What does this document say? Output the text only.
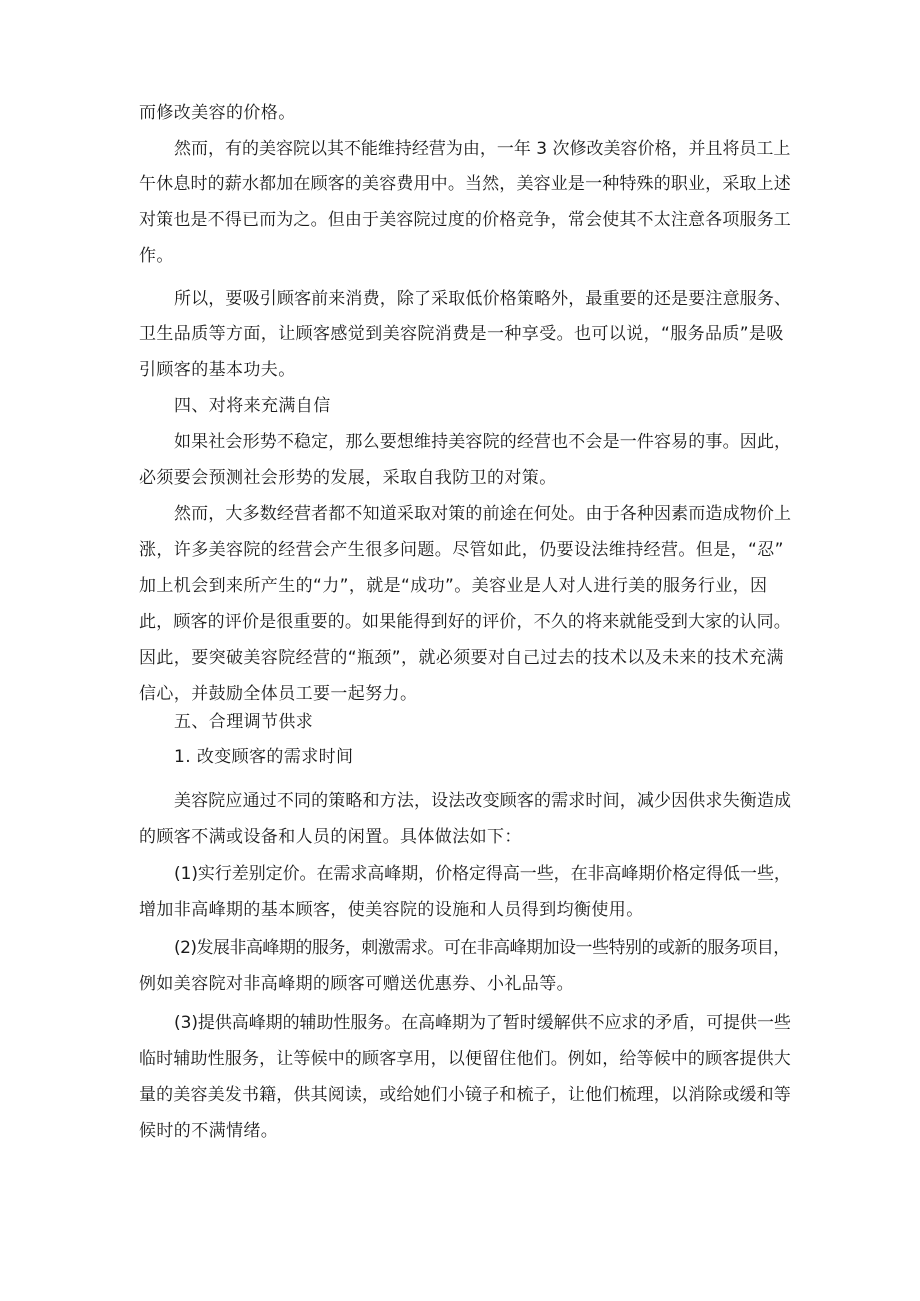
而修改美容的价格。
然而，有的美容院以其不能维持经营为由，一年 3 次修改美容价格，并且将员工上
午休息时的薪水都加在顾客的美容费用中。当然，美容业是一种特殊的职业，采取上述
对策也是不得已而为之。但由于美容院过度的价格竞争，常会使其不太注意各项服务工
作。
所以，要吸引顾客前来消费，除了采取低价格策略外，最重要的还是要注意服务、
卫生品质等方面，让顾客感觉到美容院消费是一种享受。也可以说，“服务品质”是吸
引顾客的基本功夫。
四、对将来充满自信
如果社会形势不稳定，那么要想维持美容院的经营也不会是一件容易的事。因此，
必须要会预测社会形势的发展，采取自我防卫的对策。
然而，大多数经营者都不知道采取对策的前途在何处。由于各种因素而造成物价上
涨，许多美容院的经营会产生很多问题。尽管如此，仍要设法维持经营。但是，“忍”
加上机会到来所产生的“力”，就是“成功”。美容业是人对人进行美的服务行业，因
此，顾客的评价是很重要的。如果能得到好的评价，不久的将来就能受到大家的认同。
因此，要突破美容院经营的“瓶颈”，就必须要对自己过去的技术以及未来的技术充满
信心，并鼓励全体员工要一起努力。
五、合理调节供求
1. 改变顾客的需求时间
美容院应通过不同的策略和方法，设法改变顾客的需求时间，减少因供求失衡造成
的顾客不满或设备和人员的闲置。具体做法如下：
(1)实行差别定价。在需求高峰期，价格定得高一些，在非高峰期价格定得低一些，
增加非高峰期的基本顾客，使美容院的设施和人员得到均衡使用。
(2)发展非高峰期的服务，刺激需求。可在非高峰期加设一些特别的或新的服务项目，
例如美容院对非高峰期的顾客可赠送优惠券、小礼品等。
(3)提供高峰期的辅助性服务。在高峰期为了暂时缓解供不应求的矛盾，可提供一些
临时辅助性服务，让等候中的顾客享用，以便留住他们。例如，给等候中的顾客提供大
量的美容美发书籍，供其阅读，或给她们小镜子和梳子，让他们梳理，以消除或缓和等
候时的不满情绪。
